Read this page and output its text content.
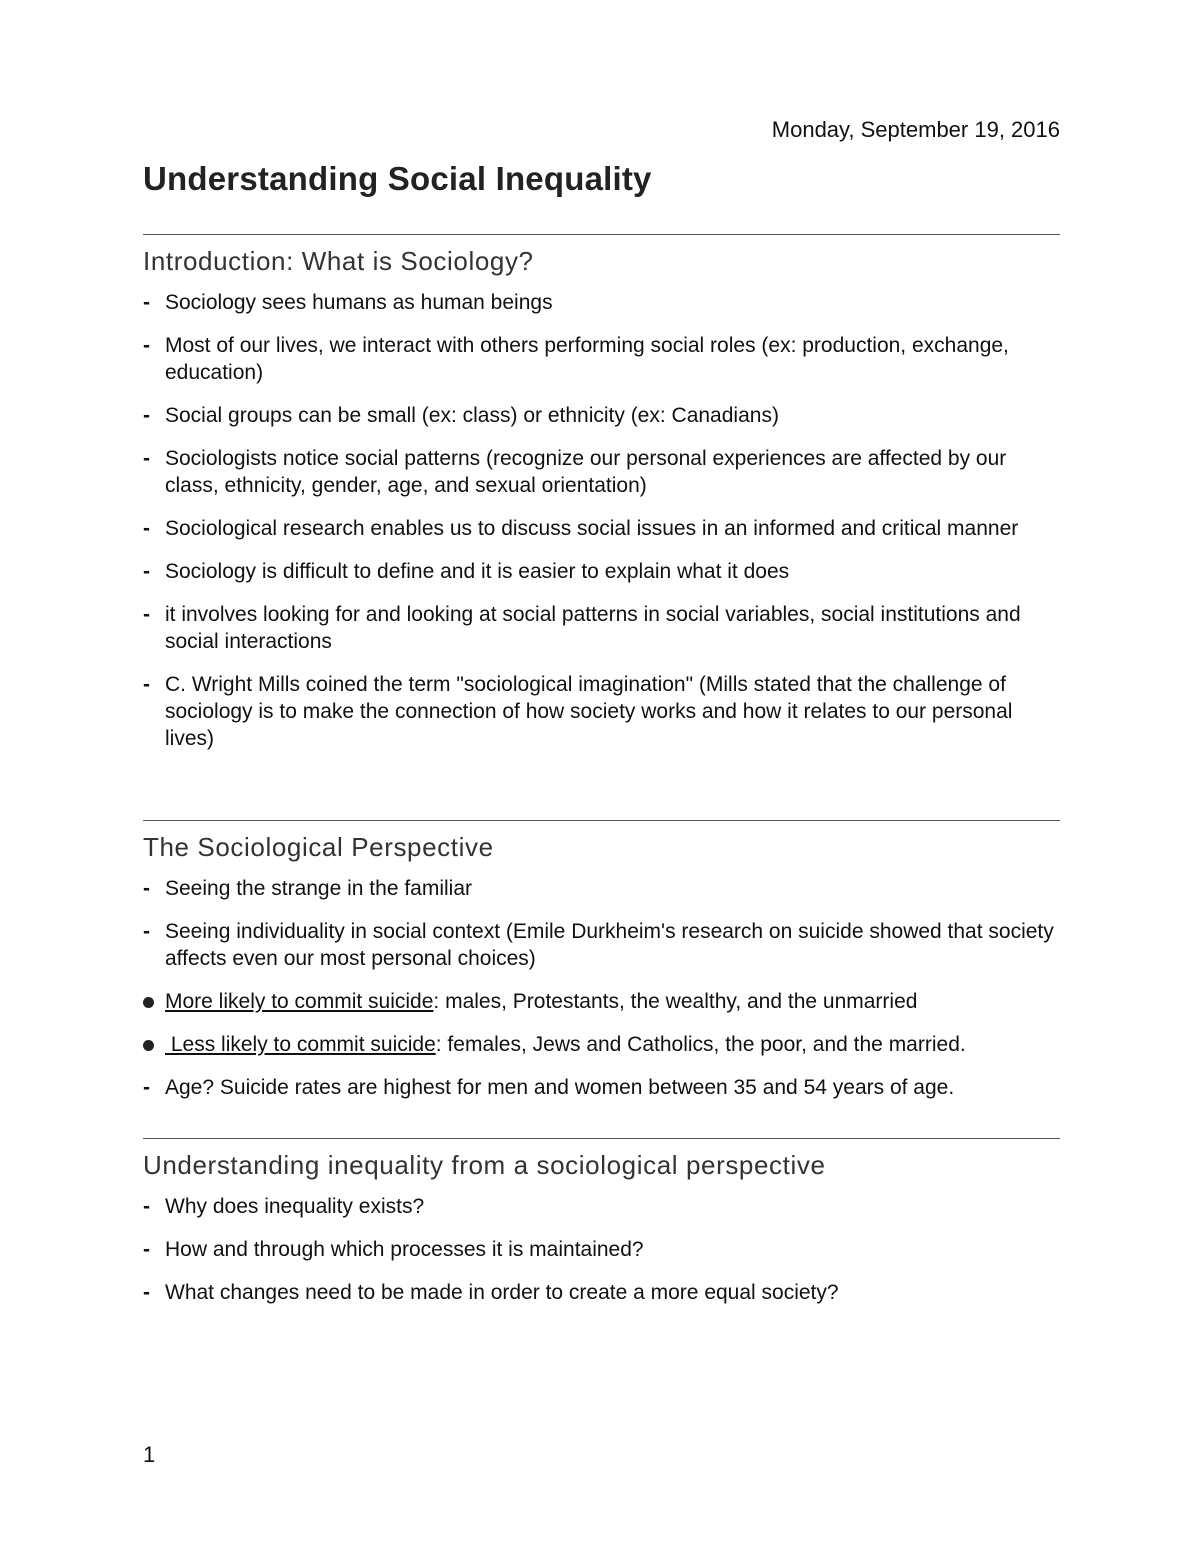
Monday, September 19, 2016
Understanding Social Inequality
Introduction: What is Sociology?
- Sociology sees humans as human beings
- Most of our lives, we interact with others performing social roles (ex: production, exchange, education)
- Social groups can be small (ex: class) or ethnicity (ex: Canadians)
- Sociologists notice social patterns (recognize our personal experiences are affected by our class, ethnicity, gender, age, and sexual orientation)
- Sociological research enables us to discuss social issues in an informed and critical manner
- Sociology is difficult to define and it is easier to explain what it does
- it involves looking for and looking at social patterns in social variables, social institutions and social interactions
- C. Wright Mills coined the term "sociological imagination" (Mills stated that the challenge of sociology is to make the connection of how society works and how it relates to our personal lives)
The Sociological Perspective
- Seeing the strange in the familiar
- Seeing individuality in social context (Emile Durkheim's research on suicide showed that society affects even our most personal choices)
More likely to commit suicide: males, Protestants, the wealthy, and the unmarried
Less likely to commit suicide: females, Jews and Catholics, the poor, and the married.
- Age? Suicide rates are highest for men and women between 35 and 54 years of age.
Understanding inequality from a sociological perspective
- Why does inequality exists?
- How and through which processes it is maintained?
- What changes need to be made in order to create a more equal society?
1
